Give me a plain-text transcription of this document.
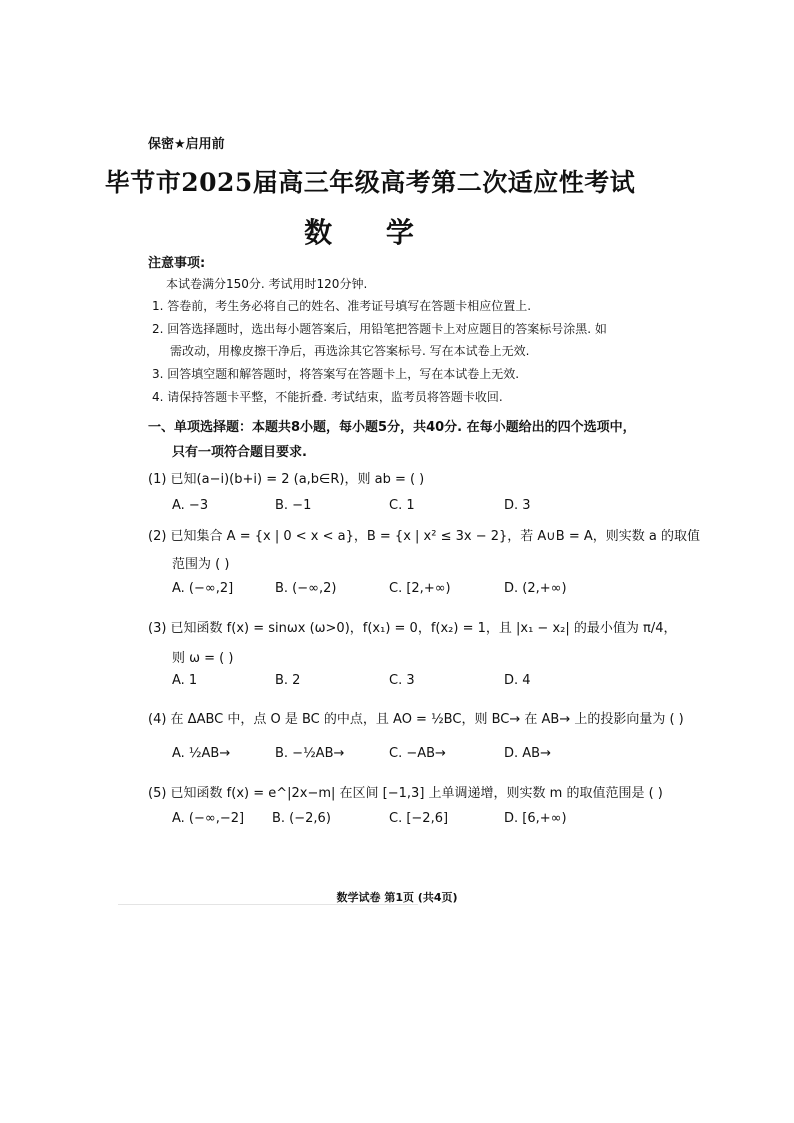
保密★启用前
毕节市2025届高三年级高考第二次适应性考试
数 学
注意事项:
本试卷满分150分. 考试用时120分钟.
1. 答卷前，考生务必将自己的姓名、准考证号填写在答题卡相应位置上.
2. 回答选择题时，选出每小题答案后，用铅笔把答题卡上对应题目的答案标号涂黑. 如
需改动，用橡皮擦干净后，再选涂其它答案标号. 写在本试卷上无效.
3. 回答填空题和解答题时，将答案写在答题卡上，写在本试卷上无效.
4. 请保持答题卡平整，不能折叠. 考试结束，监考员将答题卡收回.
一、单项选择题：本题共8小题，每小题5分，共40分. 在每小题给出的四个选项中，
只有一项符合题目要求.
(1) 已知(a−i)(b+i) = 2 (a,b∈R)，则 ab = ( )
A. −3	B. −1	C. 1	D. 3
(2) 已知集合 A = {x | 0 < x < a}，B = {x | x² ≤ 3x − 2}，若 A∪B = A，则实数 a 的取值
范围为 ( )
A. (−∞,2]	B. (−∞,2)	C. [2,+∞)	D. (2,+∞)
(3) 已知函数 f(x) = sinωx (ω>0)，f(x₁) = 0，f(x₂) = 1，且 |x₁ − x₂| 的最小值为 π/4，
则 ω = ( )
A. 1	B. 2	C. 3	D. 4
(4) 在 ΔABC 中，点 O 是 BC 的中点，且 AO = ½BC，则 BC→ 在 AB→ 上的投影向量为 ( )
A. ½AB→	B. −½AB→	C. −AB→	D. AB→
(5) 已知函数 f(x) = e^|2x−m| 在区间 [−1,3] 上单调递增，则实数 m 的取值范围是 ( )
A. (−∞,−2] B. (−2,6)	C. [−2,6]	D. [6,+∞)
数学试卷 第1页 (共4页)
